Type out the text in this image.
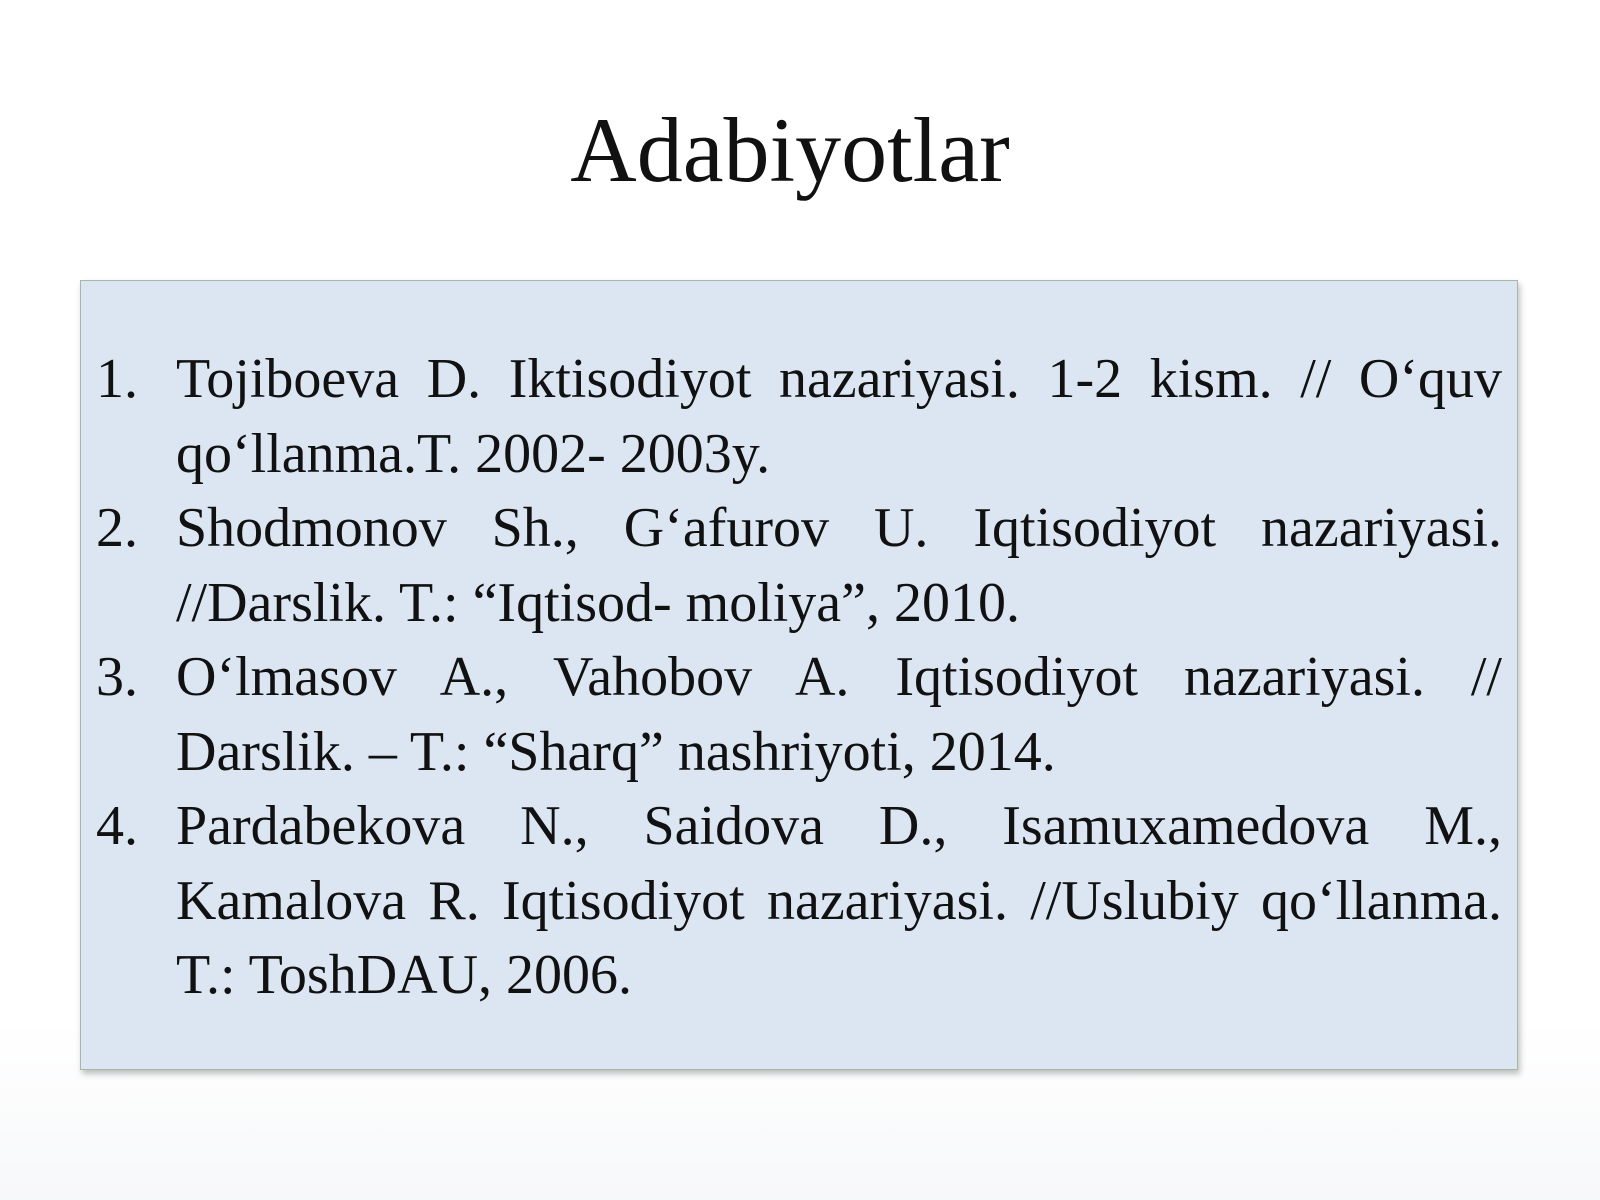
Adabiyotlar
1. Tojiboeva D. Iktisodiyot nazariyasi. 1-2 kism. // O‘quv qo‘llanma.T. 2002- 2003y.
2. Shodmonov Sh., G‘afurov U. Iqtisodiyot nazariyasi. //Darslik. T.: “Iqtisod- moliya”, 2010.
3. O‘lmasov A., Vahobov A. Iqtisodiyot nazariyasi. // Darslik. – T.: “Sharq” nashriyoti, 2014.
4. Pardabekova N., Saidova D., Isamuxamedova M., Kamalova R. Iqtisodiyot nazariyasi. //Uslubiy qo‘llanma. T.: ToshDAU, 2006.
